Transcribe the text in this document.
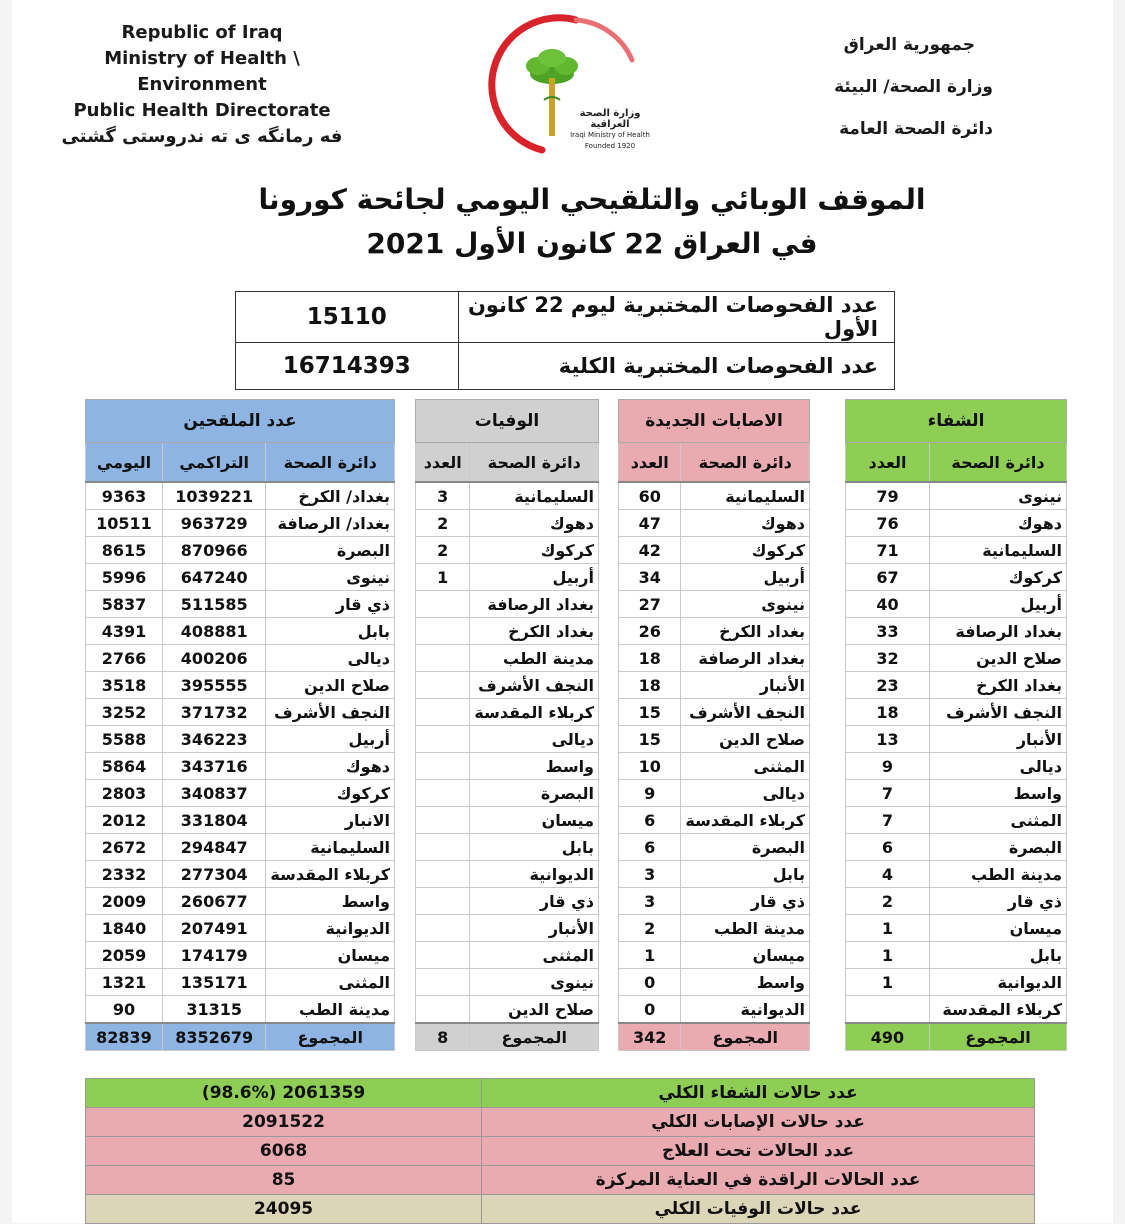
Republic of Iraq
Ministry of Health \ Environment
Public Health Directorate
فه رمانگه ى ته ندروستى گشتى
وزارة الصحة العراقية
Iraqi Ministry of Health
Founded 1920
جمهورية العراق
وزارة الصحة/ البيئة
دائرة الصحة العامة
الموقف الوبائي والتلقيحي اليومي لجائحة كورونا
في العراق 22 كانون الأول 2021
عدد الفحوصات المختبرية ليوم 22 كانون الأول	15110
عدد الفحوصات المختبرية الكلية	16714393
الشفاء	
دائرة الصحة	العدد
نينوى	79
دهوك	76
السليمانية	71
كركوك	67
أربيل	40
بغداد الرصافة	33
صلاح الدين	32
بغداد الكرخ	23
النجف الأشرف	18
الأنبار	13
ديالى	9
واسط	7
المثنى	7
البصرة	6
مدينة الطب	4
ذي قار	2
ميسان	1
بابل	1
الديوانية	1
كربلاء المقدسة	
المجموع	490
الاصابات الجديدة	
دائرة الصحة	العدد
السليمانية	60
دهوك	47
كركوك	42
أربيل	34
نينوى	27
بغداد الكرخ	26
بغداد الرصافة	18
الأنبار	18
النجف الأشرف	15
صلاح الدين	15
المثنى	10
ديالى	9
كربلاء المقدسة	6
البصرة	6
بابل	3
ذي قار	3
مدينة الطب	2
ميسان	1
واسط	0
الديوانية	0
المجموع	342
الوفيات	
دائرة الصحة	العدد
السليمانية	3
دهوك	2
كركوك	2
أربيل	1
بغداد الرصافة	
بغداد الكرخ	
مدينة الطب	
النجف الأشرف	
كربلاء المقدسة	
ديالى	
واسط	
البصرة	
ميسان	
بابل	
الديوانية	
ذي قار	
الأنبار	
المثنى	
نينوى	
صلاح الدين	
المجموع	8
عدد الملقحين		
دائرة الصحة	التراكمي	اليومي
بغداد/ الكرخ	1039221	9363
بغداد/ الرصافة	963729	10511
البصرة	870966	8615
نينوى	647240	5996
ذي قار	511585	5837
بابل	408881	4391
ديالى	400206	2766
صلاح الدين	395555	3518
النجف الأشرف	371732	3252
أربيل	346223	5588
دهوك	343716	5864
كركوك	340837	2803
الانبار	331804	2012
السليمانية	294847	2672
كربلاء المقدسة	277304	2332
واسط	260677	2009
الديوانية	207491	1840
ميسان	174179	2059
المثنى	135171	1321
مدينة الطب	31315	90
المجموع	8352679	82839
عدد حالات الشفاء الكلي	(98.6%) 2061359
عدد حالات الإصابات الكلي	2091522
عدد الحالات تحت العلاج	6068
عدد الحالات الراقدة في العناية المركزة	85
عدد حالات الوفيات الكلي	24095
